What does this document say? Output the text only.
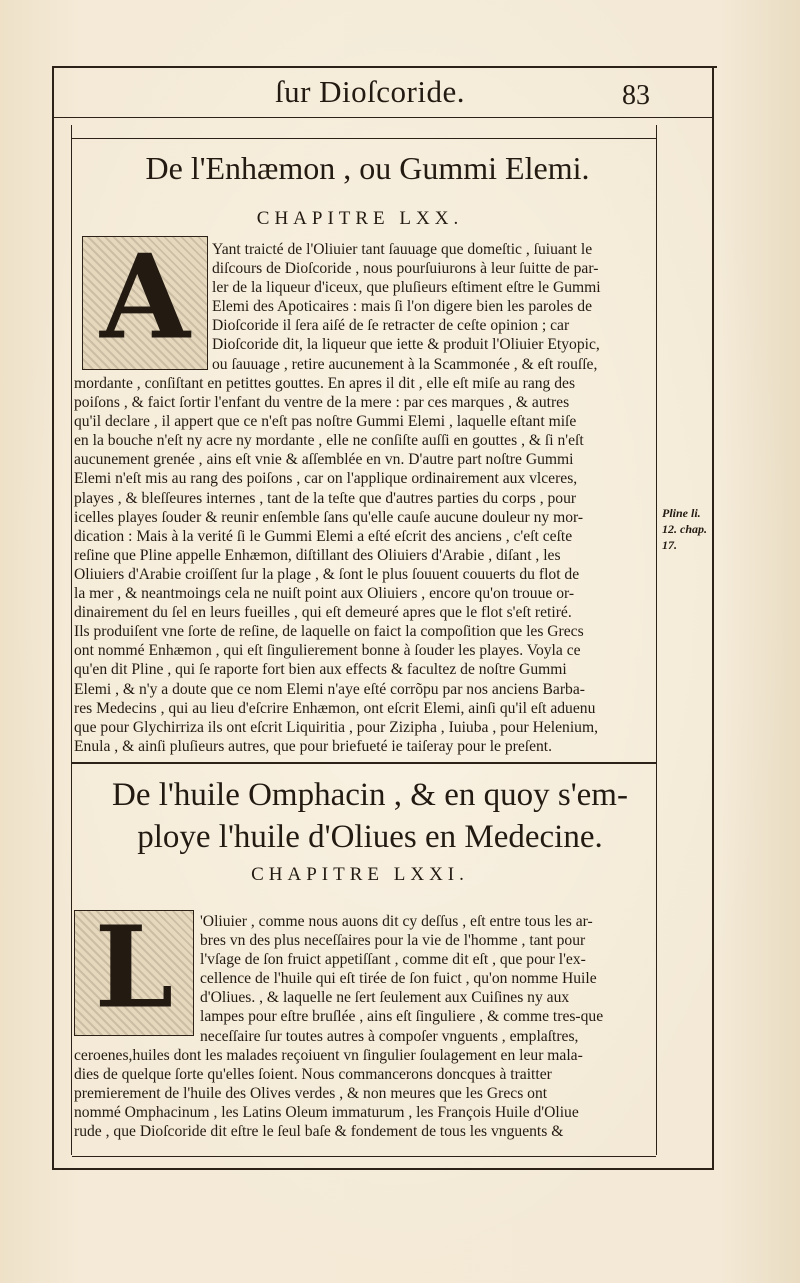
ſur Dioſcoride.	83
De l'Enhæmon , ou Gummi Elemi.
CHAPITRE LXX.
A	Yant traicté de l'Oliuier tant ſauuage que domeſtic , ſuiuant le

diſcours de Dioſcoride , nous pourſuiurons à leur ſuitte de par-

ler de la liqueur d'iceux, que pluſieurs eſtiment eſtre le Gummi

Elemi des Apoticaires : mais ſi l'on digere bien les paroles de

Dioſcoride il ſera aiſé de ſe retracter de ceſte opinion ; car

Dioſcoride dit, la liqueur que iette & produit l'Oliuier Etyopic,

ou ſauuage , retire aucunement à la Scammonée , & eſt rouſſe,

mordante , conſiſtant en petittes gouttes. En apres il dit , elle eſt miſe au rang des

poiſons , & faict ſortir l'enfant du ventre de la mere : par ces marques , & autres

qu'il declare , il appert que ce n'eſt pas noſtre Gummi Elemi , laquelle eſtant miſe

en la bouche n'eſt ny acre ny mordante , elle ne conſiſte auſſi en gouttes , & ſi n'eſt

aucunement grenée , ains eſt vnie & aſſemblée en vn. D'autre part noſtre Gummi

Elemi n'eſt mis au rang des poiſons , car on l'applique ordinairement aux vlceres,

playes , & bleſſeures internes , tant de la teſte que d'autres parties du corps , pour

icelles playes ſouder & reunir enſemble ſans qu'elle cauſe aucune douleur ny mor-

dication : Mais à la verité ſi le Gummi Elemi a eſté eſcrit des anciens , c'eſt ceſte

reſine que Pline appelle Enhæmon, diſtillant des Oliuiers d'Arabie , diſant , les

Oliuiers d'Arabie croiſſent ſur la plage , & ſont le plus ſouuent couuerts du flot de

la mer , & neantmoings cela ne nuiſt point aux Oliuiers , encore qu'on trouue or-

dinairement du ſel en leurs fueilles , qui eſt demeuré apres que le flot s'eſt retiré.

Ils produiſent vne ſorte de reſine, de laquelle on faict la compoſition que les Grecs

ont nommé Enhæmon , qui eſt ſingulierement bonne à ſouder les playes. Voyla ce

qu'en dit Pline , qui ſe raporte fort bien aux effects & facultez de noſtre Gummi

Elemi , & n'y a doute que ce nom Elemi n'aye eſté corrõpu par nos anciens Barba-

res Medecins , qui au lieu d'eſcrire Enhæmon, ont eſcrit Elemi, ainſi qu'il eſt aduenu

que pour Glychirriza ils ont eſcrit Liquiritia , pour Zizipha , Iuiuba , pour Helenium,

Enula , & ainſi pluſieurs autres, que pour briefueté ie taiſeray pour le preſent.

Pline li.
12. chap.
17.
De l'huile Omphacin , & en quoy s'em-
ploye l'huile d'Oliues en Medecine.
CHAPITRE LXXI.
L	'Oliuier , comme nous auons dit cy deſſus , eſt entre tous les ar-

bres vn des plus neceſſaires pour la vie de l'homme , tant pour

l'vſage de ſon fruict appetiſſant , comme dit eſt , que pour l'ex-

cellence de l'huile qui eſt tirée de ſon fuict , qu'on nomme Huile

d'Oliues. , & laquelle ne ſert ſeulement aux Cuiſines ny aux

lampes pour eſtre bruſlée , ains eſt ſinguliere , & comme tres-que

neceſſaire ſur toutes autres à compoſer vnguents , emplaſtres,

ceroenes,huiles dont les malades reçoiuent vn ſingulier ſoulagement en leur mala-

dies de quelque ſorte qu'elles ſoient. Nous commancerons doncques à traitter

premierement de l'huile des Olives verdes , & non meures que les Grecs ont

nommé Omphacinum , les Latins Oleum immaturum , les François Huile d'Oliue

rude , que Dioſcoride dit eſtre le ſeul baſe & fondement de tous les vnguents &
